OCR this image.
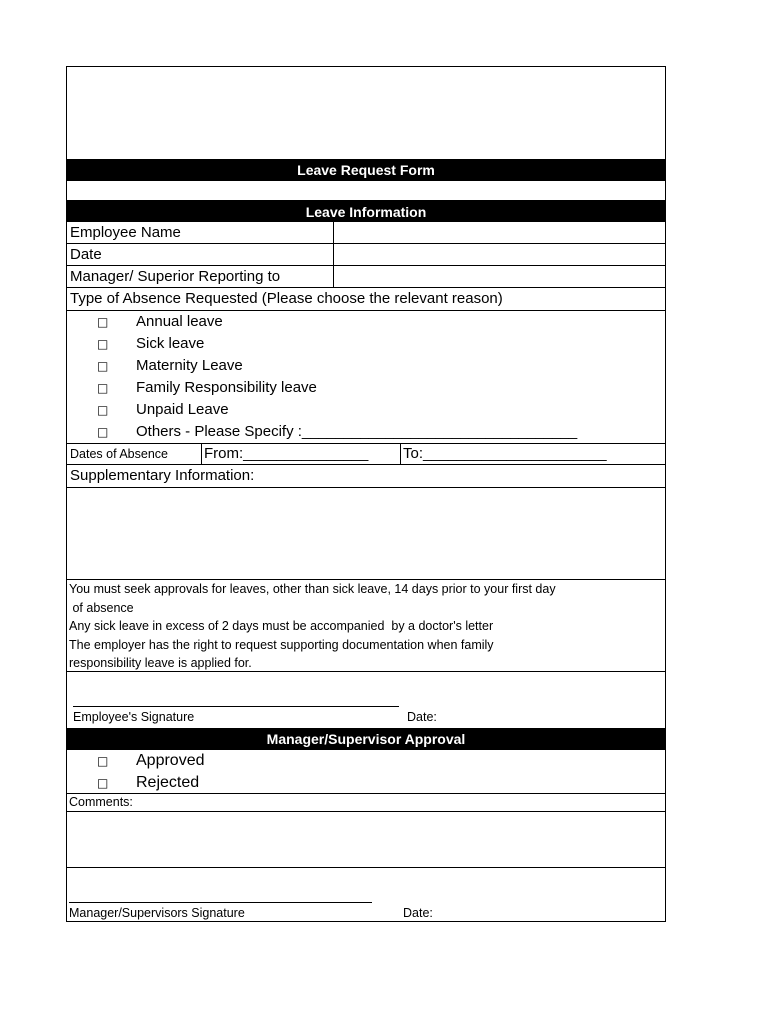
Leave Request Form
Leave Information
Employee Name
Date
Manager/ Superior Reporting to
Type of Absence Requested (Please choose the relevant reason)
□ Annual leave
□ Sick leave
□ Maternity Leave
□ Family Responsibility leave
□ Unpaid Leave
□ Others - Please Specify :_________________________________
Dates of Absence From:_______________ To:______________________
Supplementary Information:
You must seek approvals for leaves, other than sick leave, 14 days prior to your first day
of absence
Any sick leave in excess of 2 days must be accompanied  by a doctor's letter
The employer has the right to request supporting documentation when family
responsibility leave is applied for.
Employee's Signature	Date:
Manager/Supervisor Approval
□ Approved
□ Rejected
Comments:
Manager/Supervisors Signature	Date:
